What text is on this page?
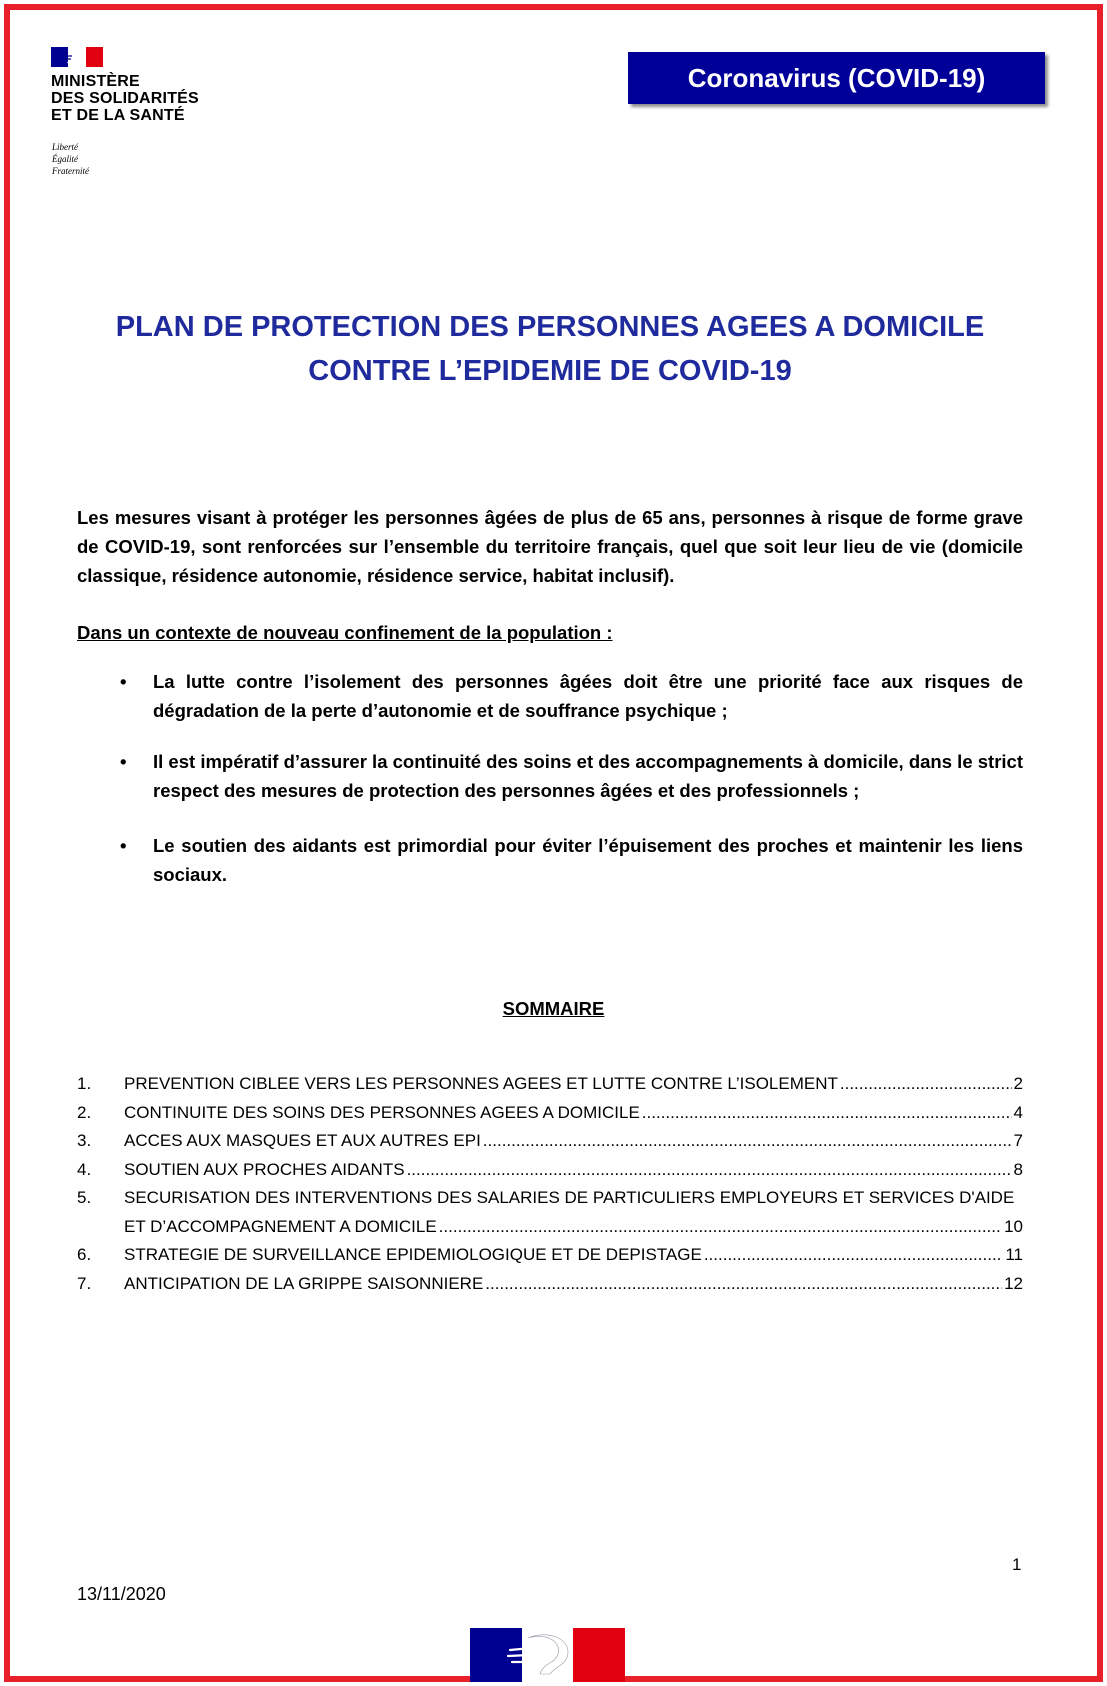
MINISTÈRE
DES SOLIDARITÉS
ET DE LA SANTÉ
Liberté
Égalité
Fraternité
Coronavirus (COVID-19)
PLAN DE PROTECTION DES PERSONNES AGEES A DOMICILE
CONTRE L’EPIDEMIE DE COVID-19

Les mesures visant à protéger les personnes âgées de plus de 65 ans, personnes à risque de forme grave de COVID-19, sont renforcées sur l’ensemble du territoire français, quel que soit leur lieu de vie (domicile classique, résidence autonomie, résidence service, habitat inclusif).

Dans un contexte de nouveau confinement de la population :

• La lutte contre l’isolement des personnes âgées doit être une priorité face aux risques de dégradation de la perte d’autonomie et de souffrance psychique ;
• Il est impératif d’assurer la continuité des soins et des accompagnements à domicile, dans le strict respect des mesures de protection des personnes âgées et des professionnels ;
• Le soutien des aidants est primordial pour éviter l’épuisement des proches et maintenir les liens sociaux.

SOMMAIRE

1. PREVENTION CIBLEE VERS LES PERSONNES AGEES ET LUTTE CONTRE L’ISOLEMENT .....	2
2. CONTINUITE DES SOINS DES PERSONNES AGEES A DOMICILE .....	4
3. ACCES AUX MASQUES ET AUX AUTRES EPI .....	7
4. SOUTIEN AUX PROCHES AIDANTS .....	8
5. SECURISATION DES INTERVENTIONS DES SALARIES DE PARTICULIERS EMPLOYEURS ET SERVICES D'AIDE
ET D’ACCOMPAGNEMENT A DOMICILE .....	10
6. STRATEGIE DE SURVEILLANCE EPIDEMIOLOGIQUE ET DE DEPISTAGE .....	11
7. ANTICIPATION DE LA GRIPPE SAISONNIERE .....	12

1

13/11/2020
